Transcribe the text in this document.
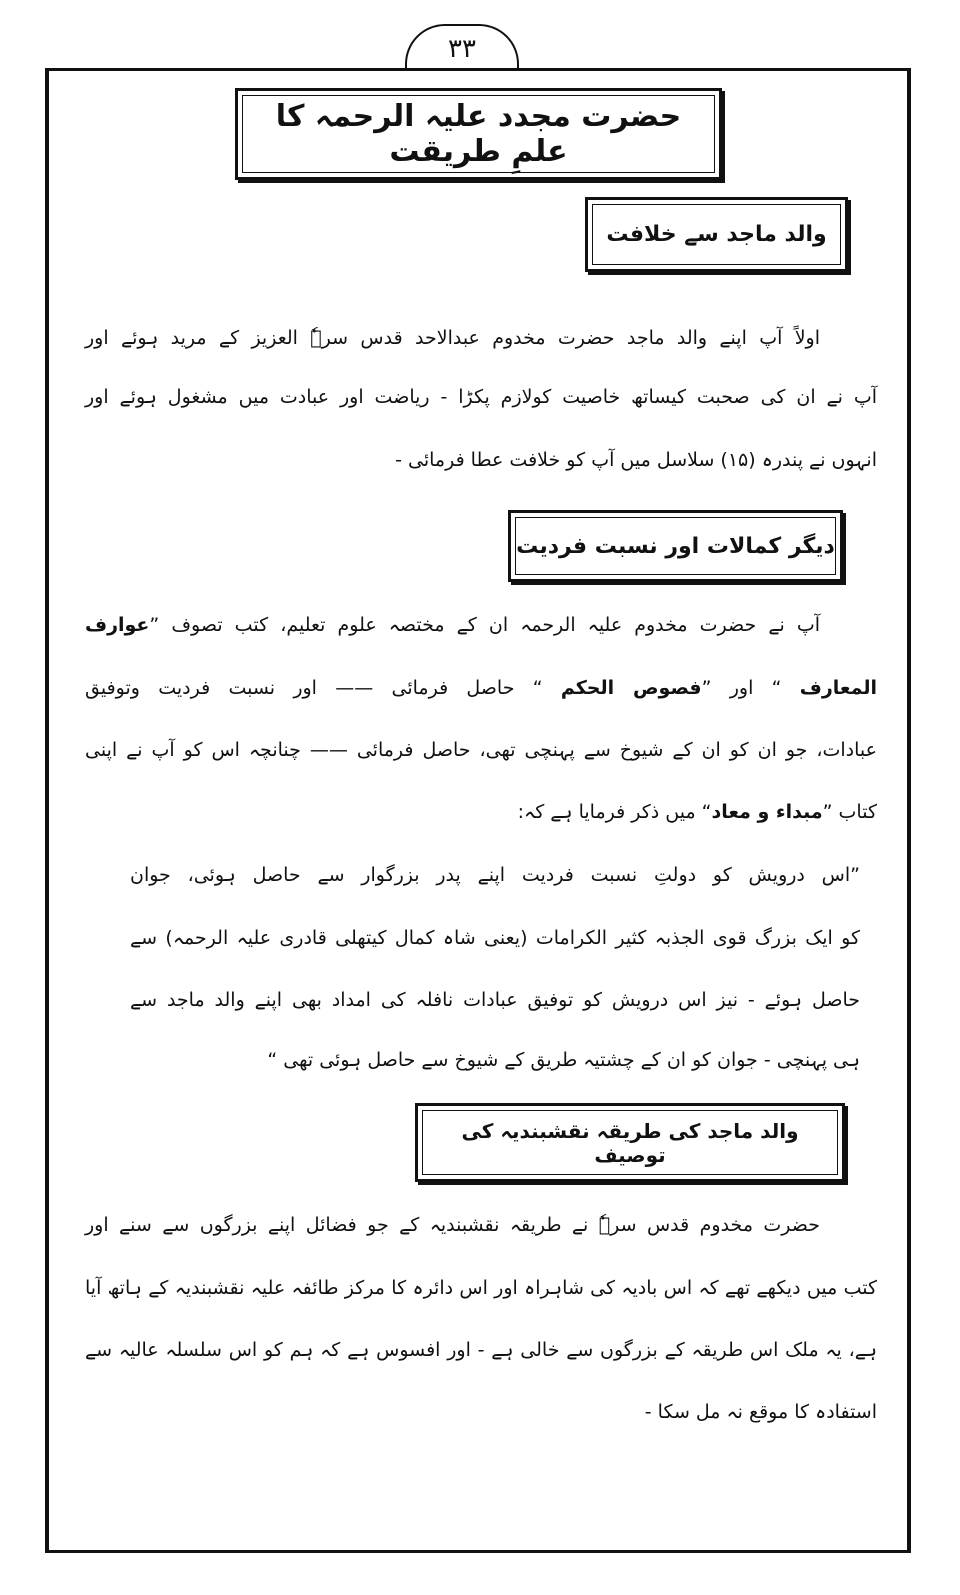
۳۳
حضرت مجدد علیہ الرحمہ کا علمِ طریقت
والد ماجد سے خلافت
دیگر کمالات اور نسبت فردیت
والد ماجد کی طریقہ نقشبندیہ کی توصیف
اولاً آپ اپنے والد ماجد حضرت مخدوم عبدالاحد قدس سرہٗ العزیز کے مرید ہوئے اور
آپ نے ان کی صحبت کیساتھ خاصیت کولازم پکڑا - ریاضت اور عبادت میں مشغول ہوئے اور
انہوں نے پندرہ (۱۵) سلاسل میں آپ کو خلافت عطا فرمائی -
آپ نے حضرت مخدوم علیہ الرحمہ ان کے مختصہ علوم تعلیم، کتب تصوف ”عوارف
المعارف “ اور ”فصوص الحکم “ حاصل فرمائی —— اور نسبت فردیت وتوفیق
عبادات، جو ان کو ان کے شیوخ سے پہنچی تھی، حاصل فرمائی —— چنانچہ اس کو آپ نے اپنی
کتاب ”مبداء و معاد“ میں ذکر فرمایا ہے کہ:
”اس درویش کو دولتِ نسبت فردیت اپنے پدر بزرگوار سے حاصل ہوئی، جوان
کو ایک بزرگ قوی الجذبہ کثیر الکرامات (یعنی شاہ کمال کیتھلی قادری علیہ الرحمہ) سے
حاصل ہوئے - نیز اس درویش کو توفیق عبادات نافلہ کی امداد بھی اپنے والد ماجد سے
ہی پہنچی - جوان کو ان کے چشتیہ طریق کے شیوخ سے حاصل ہوئی تھی “
حضرت مخدوم قدس سرہٗ نے طریقہ نقشبندیہ کے جو فضائل اپنے بزرگوں سے سنے اور
کتب میں دیکھے تھے کہ اس بادیہ کی شاہراہ اور اس دائرہ کا مرکز طائفہ علیہ نقشبندیہ کے ہاتھ آیا
ہے، یہ ملک اس طریقہ کے بزرگوں سے خالی ہے - اور افسوس ہے کہ ہم کو اس سلسلہ عالیہ سے
استفادہ کا موقع نہ مل سکا -
